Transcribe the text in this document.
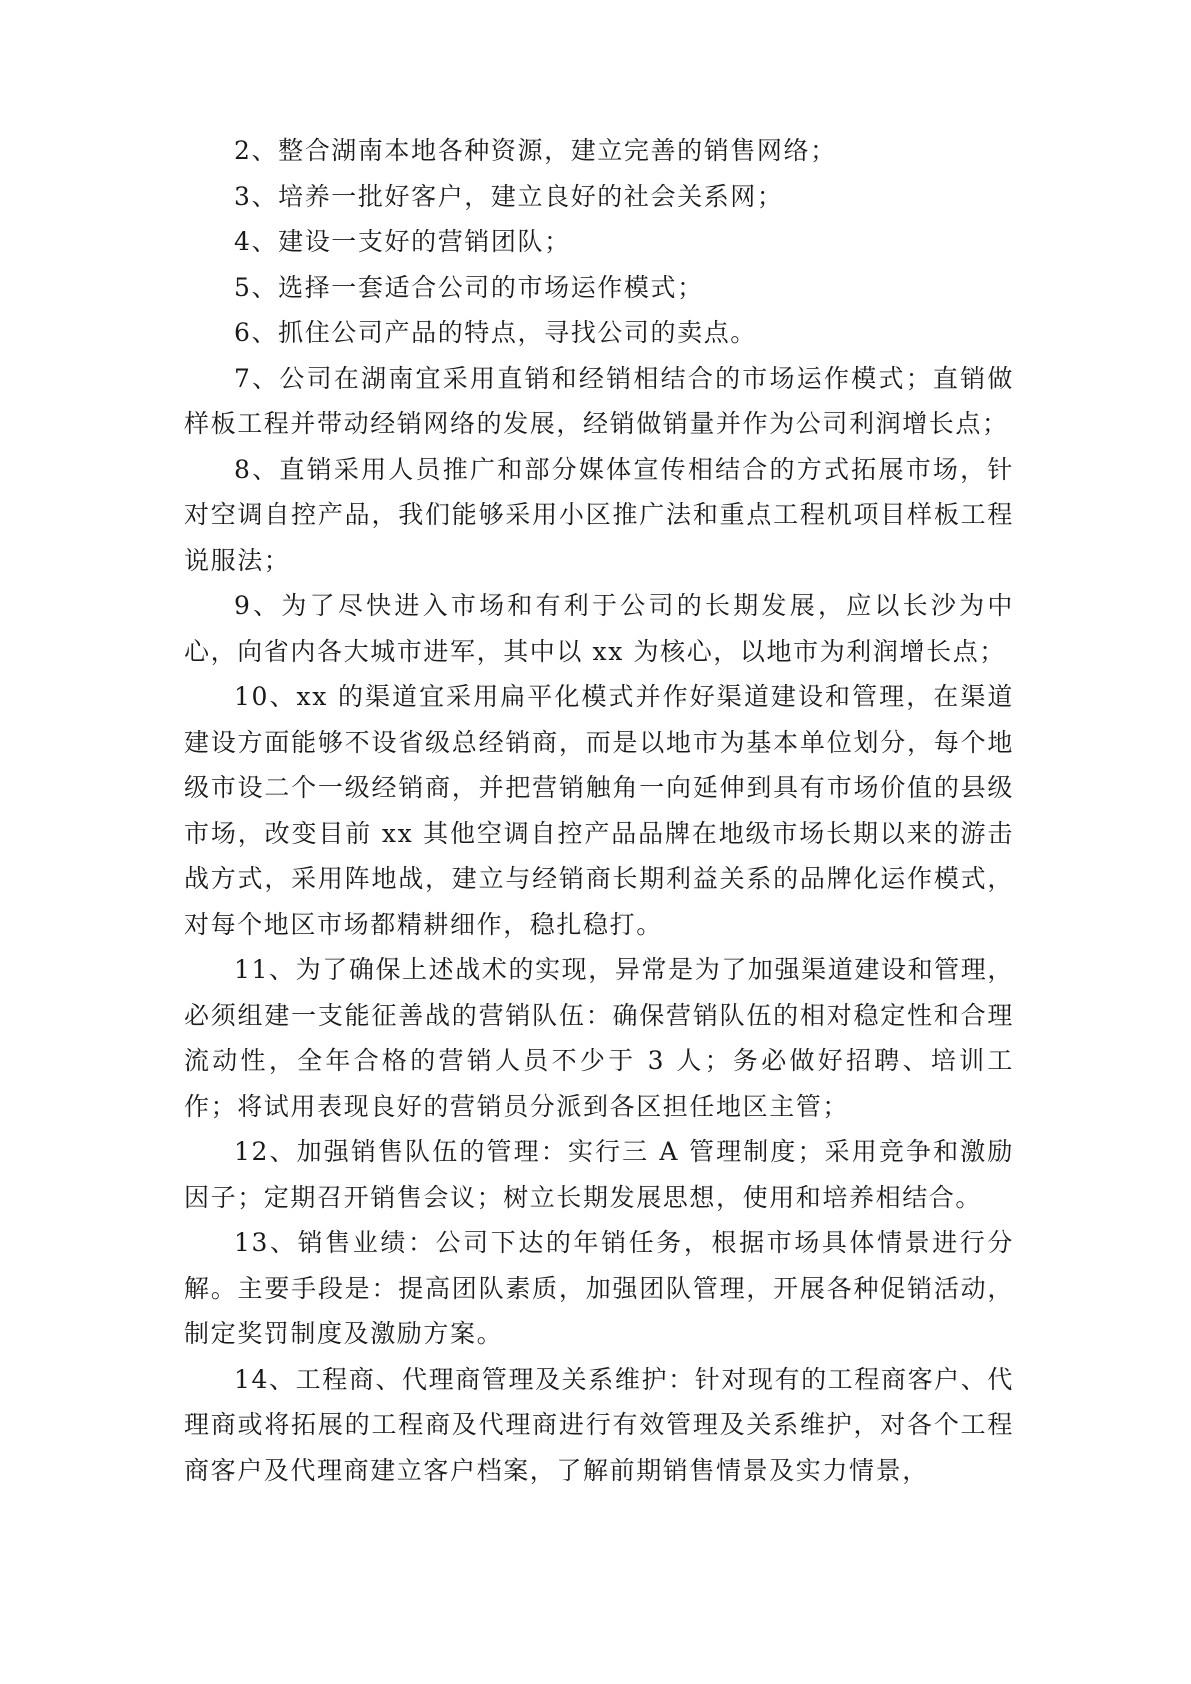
2、整合湖南本地各种资源，建立完善的销售网络；

3、培养一批好客户，建立良好的社会关系网；

4、建设一支好的营销团队；

5、选择一套适合公司的市场运作模式；

6、抓住公司产品的特点，寻找公司的卖点。

7、公司在湖南宜采用直销和经销相结合的市场运作模式；直销做样板工程并带动经销网络的发展，经销做销量并作为公司利润增长点；

8、直销采用人员推广和部分媒体宣传相结合的方式拓展市场，针对空调自控产品，我们能够采用小区推广法和重点工程机项目样板工程说服法；

9、为了尽快进入市场和有利于公司的长期发展，应以长沙为中心，向省内各大城市进军，其中以 xx 为核心，以地市为利润增长点；

10、xx 的渠道宜采用扁平化模式并作好渠道建设和管理，在渠道建设方面能够不设省级总经销商，而是以地市为基本单位划分，每个地级市设二个一级经销商，并把营销触角一向延伸到具有市场价值的县级市场，改变目前 xx 其他空调自控产品品牌在地级市场长期以来的游击战方式，采用阵地战，建立与经销商长期利益关系的品牌化运作模式，对每个地区市场都精耕细作，稳扎稳打。

11、为了确保上述战术的实现，异常是为了加强渠道建设和管理，必须组建一支能征善战的营销队伍：确保营销队伍的相对稳定性和合理流动性，全年合格的营销人员不少于 3 人；务必做好招聘、培训工作；将试用表现良好的营销员分派到各区担任地区主管；

12、加强销售队伍的管理：实行三 A 管理制度；采用竞争和激励因子；定期召开销售会议；树立长期发展思想，使用和培养相结合。

13、销售业绩：公司下达的年销任务，根据市场具体情景进行分解。主要手段是：提高团队素质，加强团队管理，开展各种促销活动，制定奖罚制度及激励方案。

14、工程商、代理商管理及关系维护：针对现有的工程商客户、代理商或将拓展的工程商及代理商进行有效管理及关系维护，对各个工程商客户及代理商建立客户档案，了解前期销售情景及实力情景，
